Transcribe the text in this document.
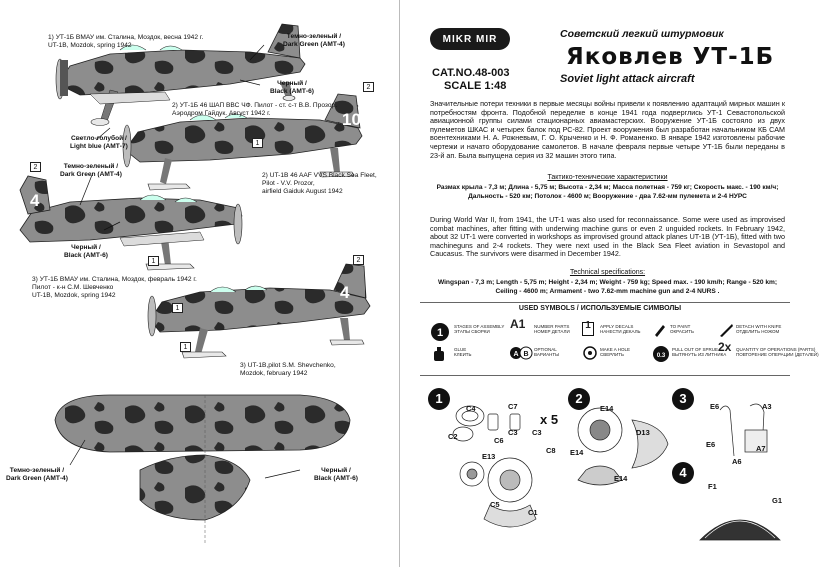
10
4
4
1) УТ-1Б ВМАУ им. Сталина, Моздок, весна 1942 г.
UT-1B, Mozdok, spring 1942
2) УТ-1Б 46 ШАП ВВС ЧФ. Пилот - ст. с-т В.В. Прозор.
Аэродром Гайдук. Август 1942 г.
2) UT-1B 46 AAF VVS Black Sea Fleet,
Pilot - V.V. Prozor,
airfield Gaiduk August 1942
3) УТ-1Б ВМАУ им. Сталина, Моздок, февраль 1942 г.
Пилот - к-н С.М. Шевченко
UT-1B, Mozdok, spring 1942
3) UT-1B,pilot S.M. Shevchenko,
Mozdok, february 1942
Темно-зеленый /
Dark Green (АМТ-4)
Черный /
Black (АМТ-6)
Светло-голубой /
Light blue (АМТ-7)
Темно-зеленый /
Dark Green (АМТ-4)
Черный /
Black (АМТ-6)
Темно-зеленый /
Dark Green (АМТ-4)
Черный /
Black (АМТ-6)
2
1
2
1	2
1
1
MIKR MIR
CAT.NO.48-003
SCALE 1:48
Советский легкий штурмовик
Яковлев УТ-1Б
Soviet light attack aircraft
Значительные потери техники в первые месяцы войны привели к появлению адаптаций мирных машин к потребностям фронта. Подобной переделке в конце 1941 года подверглись УТ-1 Севастопольской авиационной группы силами стационарных авиамастерских. Вооружение УТ-1Б состояло из двух пулеметов ШКАС и четырех балок под РС-82. Проект вооружения был разработан начальником КБ САМ воентехниками Н. А. Рожневым, Г. О. Крыченко и Н. Ф. Романенко. В январе 1942 изготовлены рабочие чертежи и начато оборудование самолетов. В начале февраля первые четыре УТ-1Б были переданы в 23-й ап. Была выпущена серия из 32 машин этого типа.
Тактико-технические характеристики
Размах крыла - 7,3 м; Длина - 5,75 м; Высота - 2,34 м; Масса полетная - 759 кг; Скорость макс. - 190 км/ч; Дальность - 520 км; Потолок - 4600 м; Вооружение - два 7.62-мм пулемета и 2-4 НУРС
During World War II, from 1941, the UT-1 was also used for reconnaissance. Some were used as improvised combat machines, after fitting with underwing machine guns or even 2 unguided rockets. In February 1942, about 32 UT-1 were converted in workshops as improvised ground attack planes UT-1B (УТ-1Б), fitted with two machineguns and 2-4 rockets. They were next used in the Black Sea Fleet aviation in Sevastopol and Caucasus. The survivors were disarmed in December 1942.
Technical specifications:
Wingspan - 7,3 m; Length - 5,75 m; Height - 2,34 m; Weight - 759 kg; Speed max. - 190 km/h; Range - 520 km; Ceiling - 4600 m; Armament - two 7.62-mm machine gun and 2-4 NURS .
USED SYMBOLS / ИСПОЛЬЗУЕМЫЕ СИМВОЛЫ
1
STAGES OF ASSEMBLY
ЭТАПЫ СБОРКИ
A1 NUMBER PARTS
НОМЕР ДЕТАЛИ
1	APPLY DECALS
НАНЕСТИ ДЕКАЛЬ
TO PAINT
ОКРАСИТЬ
DETACH WITH KNIFE
ОТДЕЛИТЬ НОЖОМ
GLUE
КЛЕИТЬ	A B
OPTIONAL
ВАРИАНТЫ
MAKE A HOLE
СВЕРЛИТЬ	0.3
PULL OUT OF SPRUE
ВЫТЯНУТЬ ИЗ ЛИТНИКА
2x QUANTITY OF OPERATIONS (PARTS)
ПОВТОРЕНИЕ ОПЕРАЦИИ (ДЕТАЛЕЙ)
1	2	3
4
x 5
C4	C7
C2	C6
C3 C3
C8
E13
C5
C1
E14
D13
E14
E14
E6	A3
E6	A7
A6
F1
G1
